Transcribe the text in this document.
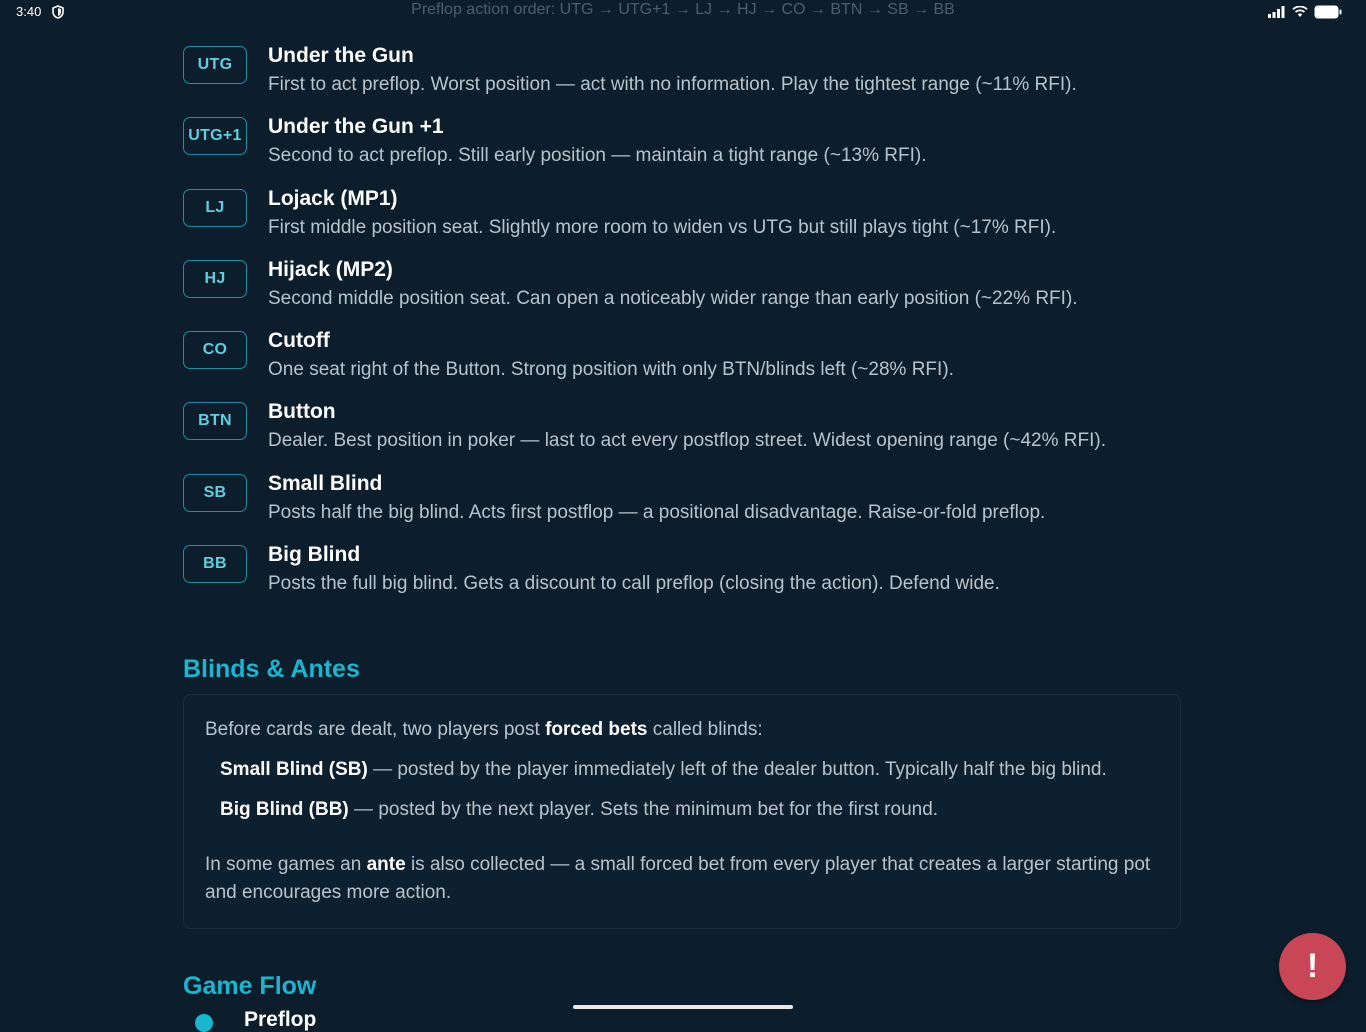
3:40	Preflop action order: UTG → UTG+1 → LJ → HJ → CO → BTN → SB → BB
UTG	Under the Gun
First to act preflop. Worst position — act with no information. Play the tightest range (~11% RFI).
UTG+1 Under the Gun +1
Second to act preflop. Still early position — maintain a tight range (~13% RFI).
LJ	Lojack (MP1)
First middle position seat. Slightly more room to widen vs UTG but still plays tight (~17% RFI).
HJ	Hijack (MP2)
Second middle position seat. Can open a noticeably wider range than early position (~22% RFI).
CO	Cutoff
One seat right of the Button. Strong position with only BTN/blinds left (~28% RFI).
BTN	Button
Dealer. Best position in poker — last to act every postflop street. Widest opening range (~42% RFI).
SB	Small Blind
Posts half the big blind. Acts first postflop — a positional disadvantage. Raise-or-fold preflop.
BB	Big Blind
Posts the full big blind. Gets a discount to call preflop (closing the action). Defend wide.
Blinds & Antes
Before cards are dealt, two players post forced bets called blinds:
Small Blind (SB) — posted by the player immediately left of the dealer button. Typically half the big blind.
Big Blind (BB) — posted by the next player. Sets the minimum bet for the first round.
In some games an ante is also collected — a small forced bet from every player that creates a larger starting pot and encourages more action.
Game Flow
Preflop
!
